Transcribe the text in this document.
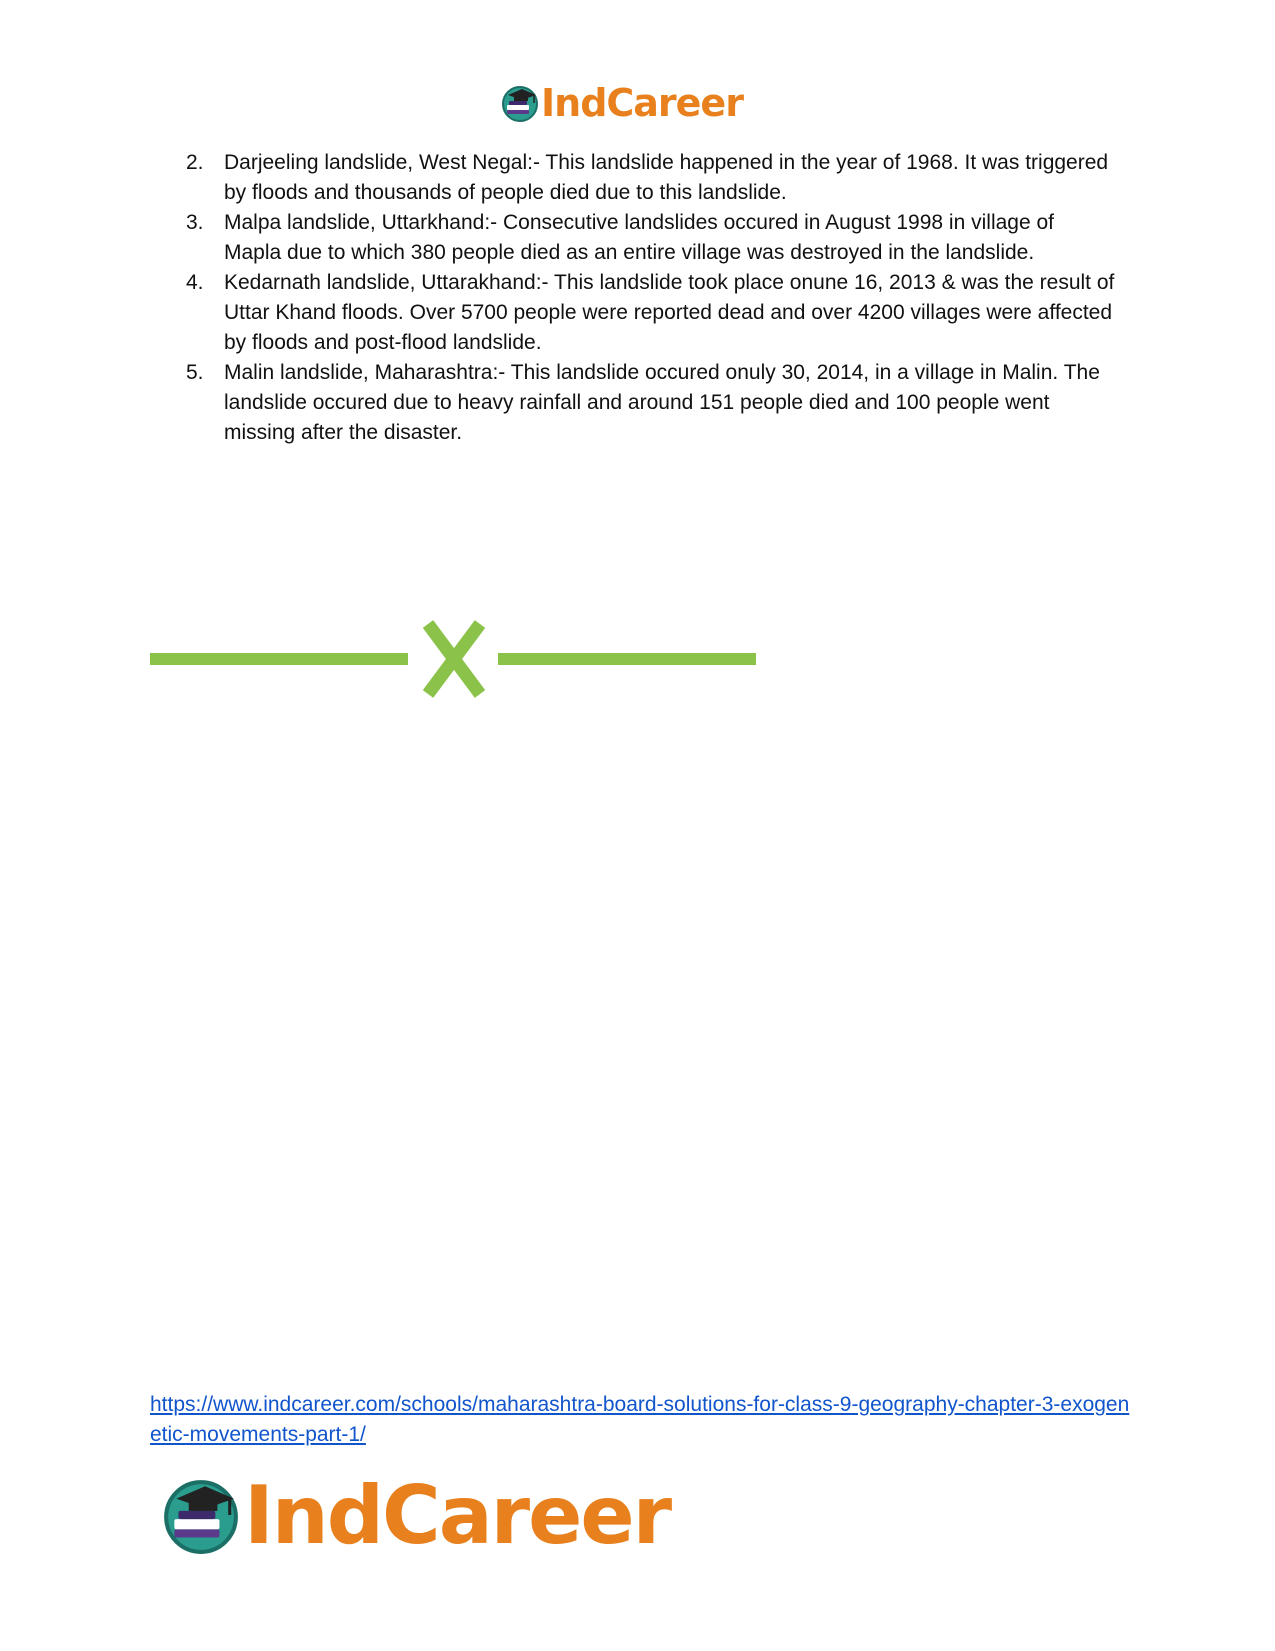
IndCareer
2. Darjeeling landslide, West Negal:- This landslide happened in the year of 1968. It was triggered by floods and thousands of people died due to this landslide.
3. Malpa landslide, Uttarkhand:- Consecutive landslides occured in August 1998 in village of Mapla due to which 380 people died as an entire village was destroyed in the landslide.
4. Kedarnath landslide, Uttarakhand:- This landslide took place onune 16, 2013 & was the result of Uttar Khand floods. Over 5700 people were reported dead and over 4200 villages were affected by floods and post-flood landslide.
5. Malin landslide, Maharashtra:- This landslide occured onuly 30, 2014, in a village in Malin. The landslide occured due to heavy rainfall and around 151 people died and 100 people went missing after the disaster.
https://www.indcareer.com/schools/maharashtra-board-solutions-for-class-9-geography-chapter-3-exogenetic-movements-part-1/
IndCareer
